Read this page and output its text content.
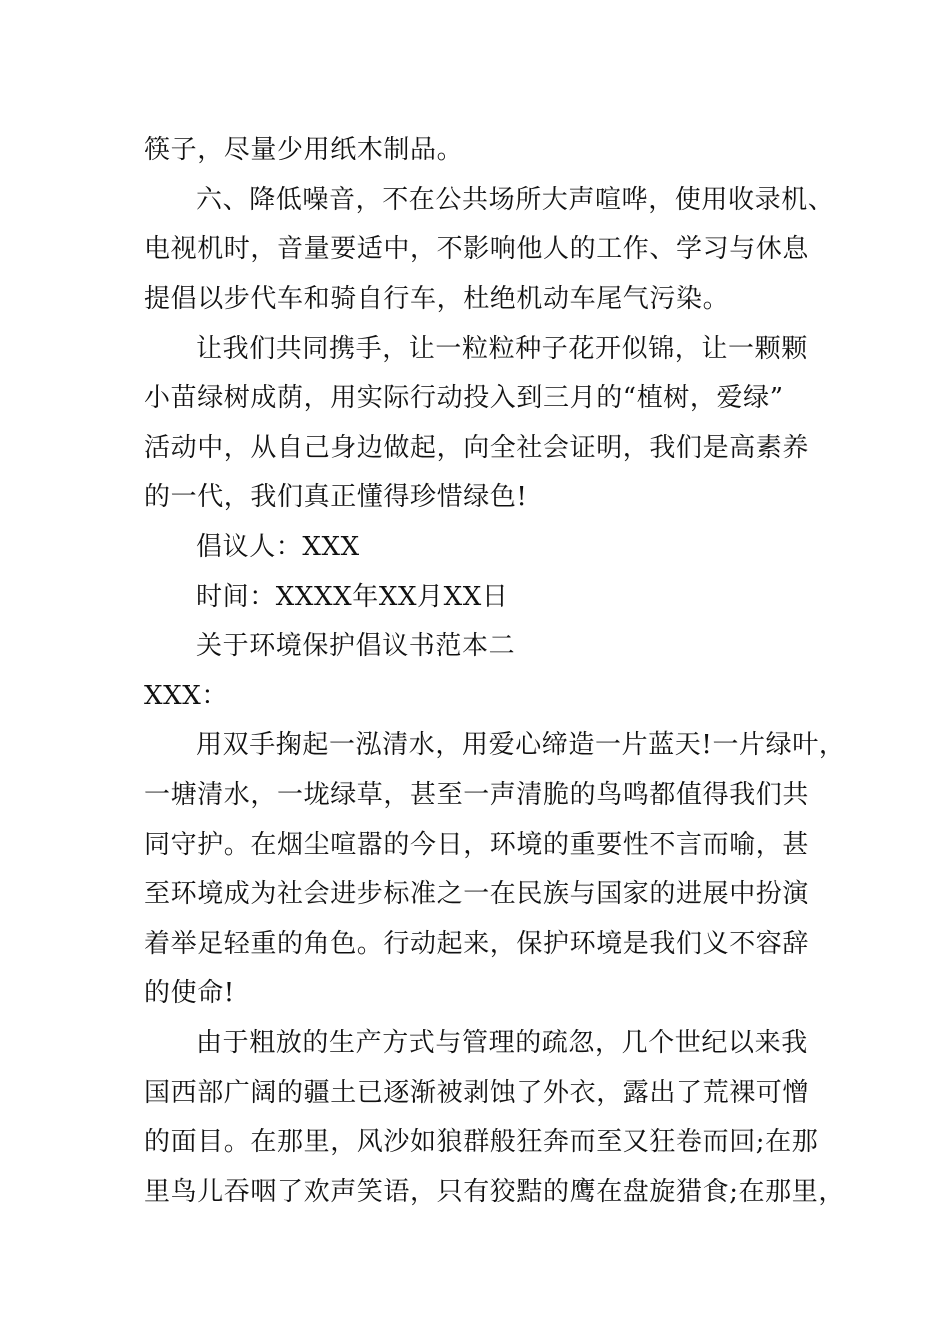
筷子，尽量少用纸木制品。
六、降低噪音，不在公共场所大声喧哗，使用收录机、
电视机时，音量要适中，不影响他人的工作、学习与休息
提倡以步代车和骑自行车，杜绝机动车尾气污染。
让我们共同携手，让一粒粒种子花开似锦，让一颗颗
小苗绿树成荫，用实际行动投入到三月的“植树，爱绿”
活动中，从自己身边做起，向全社会证明，我们是高素养
的一代，我们真正懂得珍惜绿色!
倡议人：XXX
时间：XXXX年XX月XX日
关于环境保护倡议书范本二
XXX：
用双手掬起一泓清水，用爱心缔造一片蓝天!一片绿叶，
一塘清水，一垅绿草，甚至一声清脆的鸟鸣都值得我们共
同守护。在烟尘喧嚣的今日，环境的重要性不言而喻，甚
至环境成为社会进步标准之一在民族与国家的进展中扮演
着举足轻重的角色。行动起来，保护环境是我们义不容辞
的使命!
由于粗放的生产方式与管理的疏忽，几个世纪以来我
国西部广阔的疆土已逐渐被剥蚀了外衣，露出了荒裸可憎
的面目。在那里，风沙如狼群般狂奔而至又狂卷而回;在那
里鸟儿吞咽了欢声笑语，只有狡黠的鹰在盘旋猎食;在那里，
